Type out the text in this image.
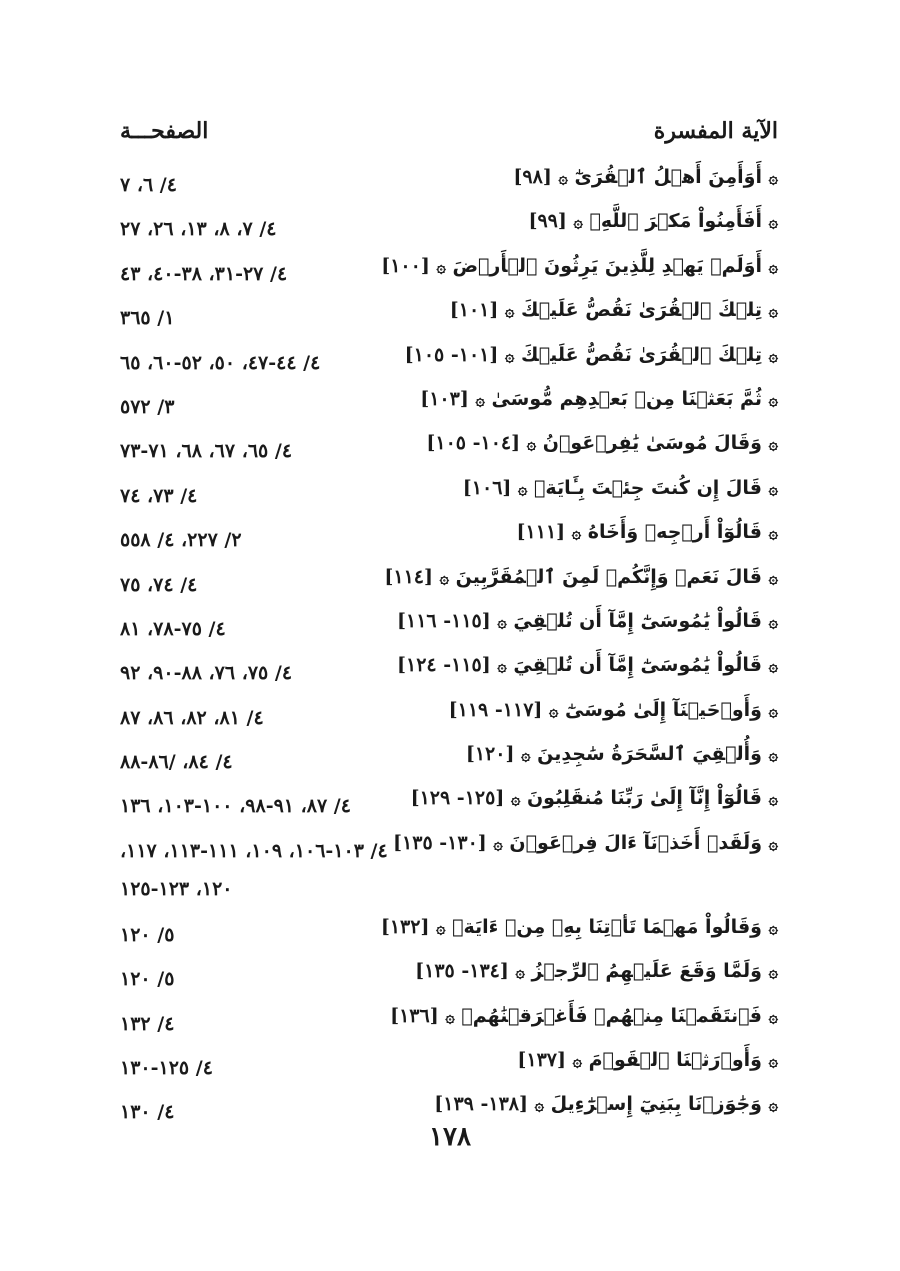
الآية المفسرة
الصفحـــة
۞ أَوَأَمِنَ أَهۡلُ ٱلۡقُرَىٰٓ ۞ [٩٨]
٤/ ٦، ٧
۞ أَفَأَمِنُواْ مَكۡرَ ٱللَّهِۚ ۞ [٩٩]
٤/ ٧، ٨، ١٣، ٢٦، ٢٧
۞ أَوَلَمۡ يَهۡدِ لِلَّذِينَ يَرِثُونَ ٱلۡأَرۡضَ ۞ [١٠٠]
٤/ ٢٧-٣١، ٣٨-٤٠، ٤٣
۞ تِلۡكَ ٱلۡقُرَىٰ نَقُصُّ عَلَيۡكَ ۞ [١٠١]
١/ ٣٦٥
۞ تِلۡكَ ٱلۡقُرَىٰ نَقُصُّ عَلَيۡكَ ۞ [١٠١- ١٠٥]
٤/ ٤٤-٤٧، ٥٠، ٥٢-٦٠، ٦٥
۞ ثُمَّ بَعَثۡنَا مِنۢ بَعۡدِهِم مُّوسَىٰ ۞ [١٠٣]
٣/ ٥٧٢
۞ وَقَالَ مُوسَىٰ يَٰفِرۡعَوۡنُ ۞ [١٠٤- ١٠٥]
٤/ ٦٥، ٦٧، ٦٨، ٧١-٧٣
۞ قَالَ إِن كُنتَ جِئۡتَ بِـَٔايَةٖ ۞ [١٠٦]
٤/ ٧٣، ٧٤
۞ قَالُوٓاْ أَرۡجِهۡ وَأَخَاهُ ۞ [١١١]
٢/ ٢٢٧، ٤/ ٥٥٨
۞ قَالَ نَعَمۡ وَإِنَّكُمۡ لَمِنَ ٱلۡمُقَرَّبِينَ ۞ [١١٤]
٤/ ٧٤، ٧٥
۞ قَالُواْ يَٰمُوسَىٰٓ إِمَّآ أَن تُلۡقِيَ ۞ [١١٥- ١١٦]
٤/ ٧٥-٧٨، ٨١
۞ قَالُواْ يَٰمُوسَىٰٓ إِمَّآ أَن تُلۡقِيَ ۞ [١١٥- ١٢٤]
٤/ ٧٥، ٧٦، ٨٨-٩٠، ٩٢
۞ وَأَوۡحَيۡنَآ إِلَىٰ مُوسَىٰٓ ۞ [١١٧- ١١٩]
٤/ ٨١، ٨٢، ٨٦، ٨٧
۞ وَأُلۡقِيَ ٱلسَّحَرَةُ سَٰجِدِينَ ۞ [١٢٠]
٤/ ٨٤، /٨٦-٨٨
۞ قَالُوٓاْ إِنَّآ إِلَىٰ رَبِّنَا مُنقَلِبُونَ ۞ [١٢٥- ١٢٩]
٤/ ٨٧، ٩١-٩٨، ١٠٠-١٠٣، ١٣٦
۞ وَلَقَدۡ أَخَذۡنَآ ءَالَ فِرۡعَوۡنَ ۞ [١٣٠- ١٣٥]
٤/ ١٠٣-١٠٦، ١٠٩، ١١١-١١٣، ١١٧، ١٢٠، ١٢٣-١٢٥
۞ وَقَالُواْ مَهۡمَا تَأۡتِنَا بِهِۦ مِنۡ ءَايَةٖ ۞ [١٣٢]
٥/ ١٢٠
۞ وَلَمَّا وَقَعَ عَلَيۡهِمُ ٱلرِّجۡزُ ۞ [١٣٤- ١٣٥]
٥/ ١٢٠
۞ فَٱنتَقَمۡنَا مِنۡهُمۡ فَأَغۡرَقۡنَٰهُمۡ ۞ [١٣٦]
٤/ ١٣٢
۞ وَأَوۡرَثۡنَا ٱلۡقَوۡمَ ۞ [١٣٧]
٤/ ١٢٥-١٣٠
۞ وَجَٰوَزۡنَا بِبَنِيٓ إِسۡرَٰٓءِيلَ ۞ [١٣٨- ١٣٩]
٤/ ١٣٠
١٧٨
